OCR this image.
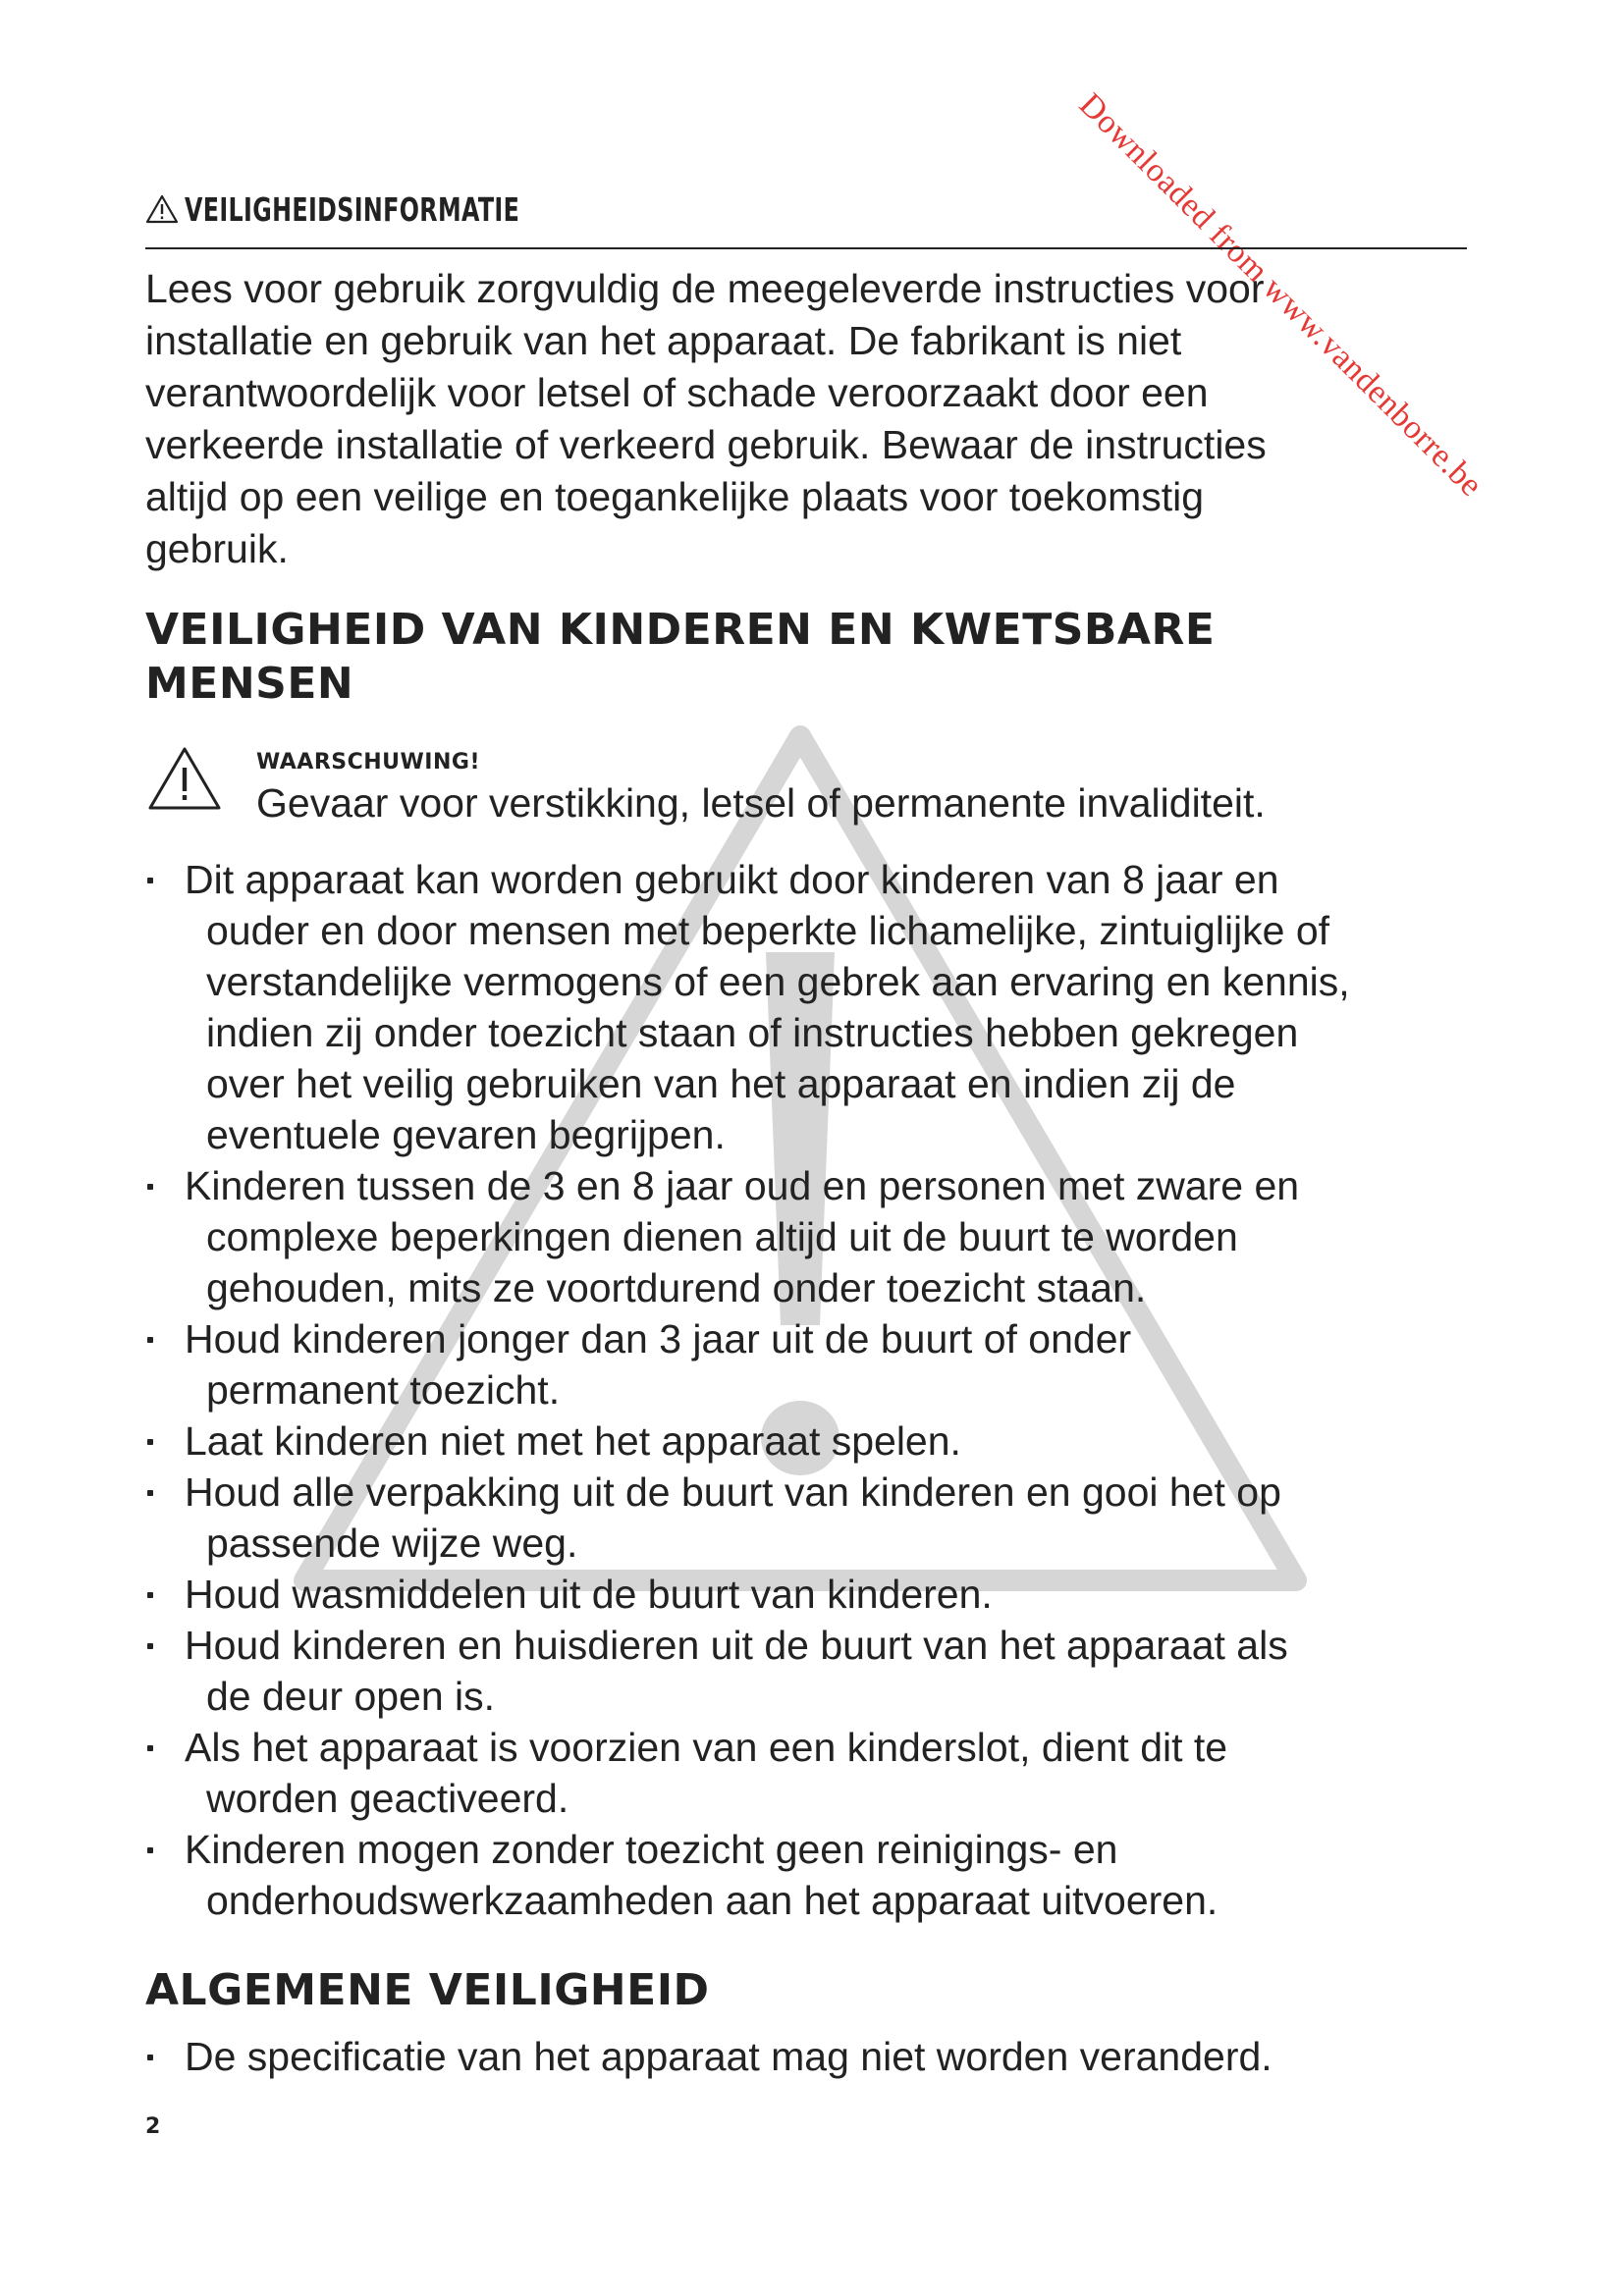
Downloaded from www.vandenborre.be
VEILIGHEIDSINFORMATIE

Lees voor gebruik zorgvuldig de meegeleverde instructies voor
installatie en gebruik van het apparaat. De fabrikant is niet
verantwoordelijk voor letsel of schade veroorzaakt door een
verkeerde installatie of verkeerd gebruik. Bewaar de instructies
altijd op een veilige en toegankelijke plaats voor toekomstig
gebruik.

VEILIGHEID VAN KINDEREN EN KWETSBARE
MENSEN
WAARSCHUWING!
Gevaar voor verstikking, letsel of permanente invaliditeit.
Dit apparaat kan worden gebruikt door kinderen van 8 jaar en
ouder en door mensen met beperkte lichamelijke, zintuiglijke of
verstandelijke vermogens of een gebrek aan ervaring en kennis,
indien zij onder toezicht staan of instructies hebben gekregen
over het veilig gebruiken van het apparaat en indien zij de
eventuele gevaren begrijpen.
Kinderen tussen de 3 en 8 jaar oud en personen met zware en
complexe beperkingen dienen altijd uit de buurt te worden
gehouden, mits ze voortdurend onder toezicht staan.
Houd kinderen jonger dan 3 jaar uit de buurt of onder
permanent toezicht.
Laat kinderen niet met het apparaat spelen.
Houd alle verpakking uit de buurt van kinderen en gooi het op
passende wijze weg.
Houd wasmiddelen uit de buurt van kinderen.
Houd kinderen en huisdieren uit de buurt van het apparaat als
de deur open is.
Als het apparaat is voorzien van een kinderslot, dient dit te
worden geactiveerd.
Kinderen mogen zonder toezicht geen reinigings- en
onderhoudswerkzaamheden aan het apparaat uitvoeren.
ALGEMENE VEILIGHEID
De specificatie van het apparaat mag niet worden veranderd.
2
